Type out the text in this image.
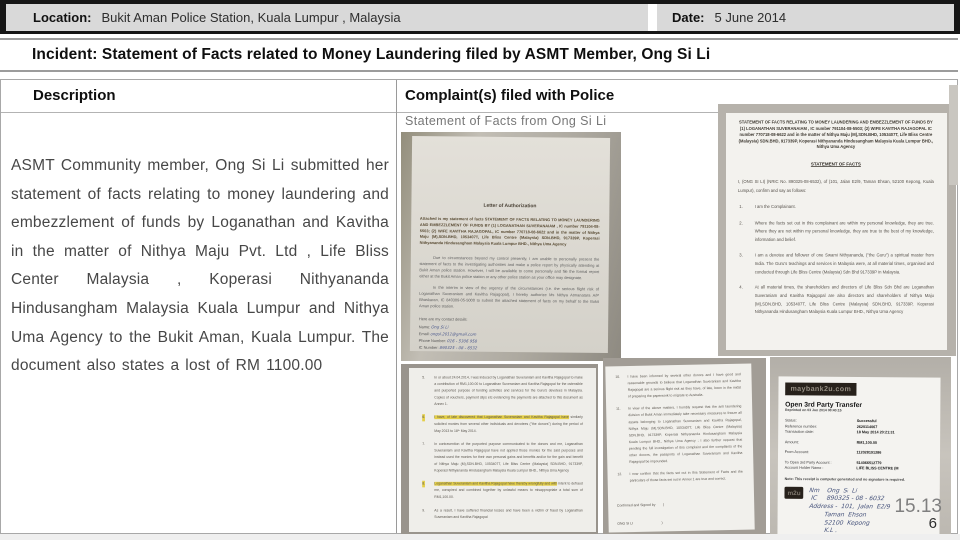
Location: Bukit Aman Police Station, Kuala Lumpur , Malaysia	Date: 5 June 2014
Incident: Statement of Facts related to Money Laundering filed by ASMT Member, Ong Si Li
Description	Complaint(s) filed with Police
ASMT Community member, Ong Si Li submitted her statement of facts relating to money laundering and embezzlement of funds by Loganathan and Kavitha in the matter of Nithya Maju Pvt. Ltd , Life Bliss Center Malaysia , Koperasi Nithyananda Hindusangham Malaysia Kuala Lumpur and Nithya Uma Agency to the Bukit Aman, Kuala Lumpur. The document also states a lost of RM 1100.00
Statement of Facts from Ong Si Li
Letter of Authorization
Attached is my statement of facts STATEMENT OF FACTS RELATING TO MONEY LAUNDERING AND EMBEZZLEMENT OF FUNDS BY (1) LOGANATHAN SUVERANAIAM , IC number 791104-08-5503; (2) WIFE KAVITHA RAJAGOPAL, IC number 770718-08-6622 and in the matter of Nithya Maju (M),SDN.BHD, 1053407T, Life Bliss Centre (Malaysia) SDN.BHD, 917339P, Koperasi Nithyananda Hindusangham Malaysia Kuala Lumpur BHD., Nithya Uma Agency
Due to circumstances beyond my control presently, I am unable to personally present the statement of facts to the investigating authorities and make a police report by physically attending at Bukit Aman police station. However, I will be available to come personally and file the formal report either at the Bukit Aman police station or any other police station as your office may designate.
In the interim in view of the urgency of the circumstances (i.e. the serious flight risk of Loganathan Suveraniam and Kavitha Rajagopal), I hereby authorize Ms Nithya Atmanatara A/P Bhaskaran, IC 840309-05-5000 to submit the attached statement of facts on my behalf to the Bukit Aman police station.
Here are my contact details:
Name: Ong Si Li
Email: ongsl.2011@gmail.com
Phone Number: 016 - 5306 958
IC Number: 890325 - 08 - 6532
STATEMENT OF FACTS RELATING TO MONEY LAUNDERING AND EMBEZZLEMENT OF FUNDS BY (1) LOGANATHAN SUVERANAIAM , IC number 791104-08-5503; (2) WIFE KAVITHA RAJAGOPAL IC number 770718-08-6622 and in the matter of Nithya Maju (M),SDN.BHD, 1053407T, Life Bliss Centre (Malaysia) SDN.BHD, 917339P, Koperasi Nithyananda Hindusangham Malaysia Kuala Lumpur BHD., Nithya Uma Agency
STATEMENT OF FACTS
I, (ONG SI LI) (NRIC No. 890325-08-6532), of (101, Jalan E2/9, Taman Ehsan, 52100 Kepong, Kuala Lumpur), confirm and say as follows:
1. I am the Complainant.
2. Where the facts set out in this complainant are within my personal knowledge, they are true. Where they are not within my personal knowledge, they are true to the best of my knowledge, information and belief.
3. I am a devotee and follower of one Swami Nithyananda, ("the Guru") a spiritual master from India. The Guru's teachings and services in Malaysia were, at all material times, organised and conducted through Life Bliss Centre (Malaysia) Sdn Bhd 917339P in Malaysia.
4. At all material times, the shareholders and directors of Life Bliss Sdn Bhd are Loganathan Suveraniam and Kavitha Rajagopal are also directors and shareholders of Nithya Maju (M),SDN.BHD, 1053407T, Life Bliss Centre (Malaysia) SDN.BHD, 917339P, Koperasi Nithyananda Hindusangham Malaysia Kuala Lumpur BHD., Nithya Uma Agency
5. In or about 24.04.2014, I was induced by Loganathan Suveraniam and Kavitha Rajagopal to make a contribution of RM1,100.00 to Loganathan Suveraniam and Kavitha Rajagopal for the ostensible and purported purpose of funding activities and services for the Guru's devotees in Malaysia. Copies of vouchers, payment slips etc evidencing the payments are attached to this document as Annex 1.
6. I have, of late discovered that Loganathan Suveraniam and Kavitha Rajagopal have similarly solicited monies from several other individuals and devotees ("the donors") during the period of May 2013 to 18ᵗʰ May 2014.
7. In contravention of the purported purpose communicated to the donors and me, Loganathan Suveraniam and Kavitha Rajagopal have not applied those monies for the said purposes and instead used the monies for their own personal gains and benefits and/or for the gain and benefit of Nithya Maju (M),SDN.BHD, 1053407T, Life Bliss Centre (Malaysia) SDN.BHD, 917339P, Koperasi Nithyananda Hindusangham Malaysia Kuala Lumpur BHD., Nithya Uma Agency
8. Loganathan Suveraniam and Kavitha Rajagopal have thereby wrongfully and with intent to defraud me, conspired and combined together by unlawful means to misappropriate a total sum of RM1,100.00.
9. As a result, I have suffered financial losses and have been a victim of fraud by Loganathan Suveraniam and Kavitha Rajagopal
10. I have been informed by several other donors and I have good and reasonable grounds to believe that Loganathan Suveraniam and Kavitha Rajagopal are a serious flight risk as they have, of late, been in the midst of preparing the paperwork to migrate to Australia.
11. In view of the above matters, I humbly request that the anti laundering division of Bukit Aman immediately take necessary measures to freeze all assets belonging to Loganathan Suveraniam and Kavitha Rajagopal, Nithya Maju (M),SDN.BHD, 1053407T, Life Bliss Centre (Malaysia) SDN.BHD, 917339P, Koperasi Nithyananda Hindusangham Malaysia Kuala Lumpur BHD., Nithya Uma Agency ; I also further request that pending the full investigation of this complaint and the complaints of the other donors, the passports of Loganathan Suveraniam and Kavitha Rajagopal be impounded.
12. I now confirm that the facts set out in this Statement of Facts and the particulars of those facts set out in Annex 1 are true and correct.

Confirmed and Signed by        )

ONG SI LI                              )

maybank2u.com
Open 3rd Party Transfer
Reprinted on 03 Jun 2014 08:40:15
Status:	Successful
Reference number:	2620114067
Transaction date:	18 May 2014 20:21:31
Amount:	RM1,100.00
From Account:	112028191286
To Open 3rd Party Account :	514066512779
Account Holder Name :	LIFE BLISS CENTRE (M
Note: This receipt is computer generated and no signature is required.
m2u	Nm    Ong  Sᵢ  Li
IC     890325 - 08 - 6032
Address -  101,  Jalan  E2/9
Taman  Ehson
52100  Kepong
K.L .
15.13
6
